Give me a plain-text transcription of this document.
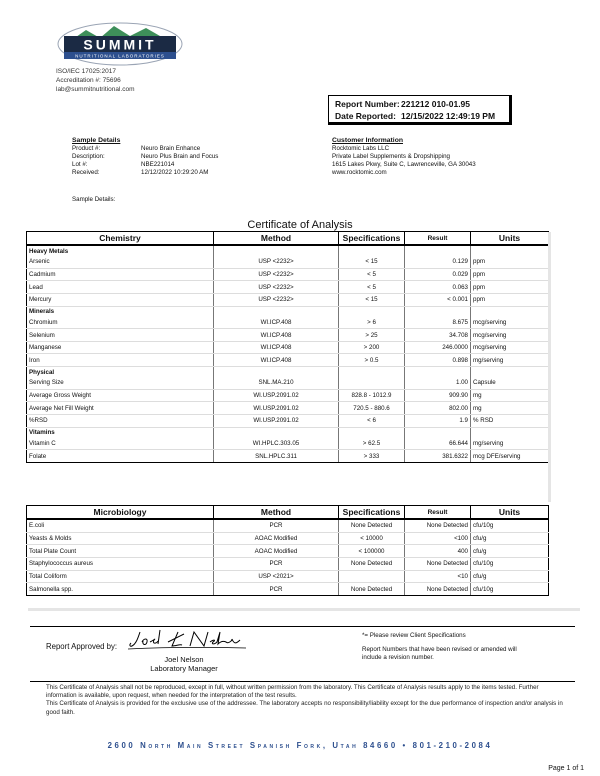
SUMMIT
NUTRITIONAL LABORATORIES
ISO/IEC 17025:2017
Accreditation #: 75696
lab@summitnutritional.com
Report Number: 221212 010-01.95
Date Reported: 12/15/2022 12:49:19 PM
Sample Details
Product #:	Neuro Brain Enhance
Description:	Neuro Plus Brain and Focus
Lot #:	NBE221014
Received:	12/12/2022 10:29:20 AM
Sample Details:
Customer Information
Rocktomic Labs LLC
Private Label Supplements & Dropshipping
1615 Lakes Pkwy, Suite C, Lawrenceville, GA 30043
www.rocktomic.com
Certificate of Analysis
Chemistry	Method	Specifications	Result	Units
Heavy Metals				
Arsenic	USP <2232>	< 15	0.129	ppm
Cadmium	USP <2232>	< 5	0.029	ppm
Lead	USP <2232>	< 5	0.063	ppm
Mercury	USP <2232>	< 15	< 0.001	ppm
Minerals				
Chromium	WI.ICP.408	> 6	8.675	mcg/serving
Selenium	WI.ICP.408	> 25	34.708	mcg/serving
Manganese	WI.ICP.408	> 200	246.0000	mcg/serving
Iron	WI.ICP.408	> 0.5	0.898	mg/serving
Physical				
Serving Size	SNL.MA.210		1.00	Capsule
Average Gross Weight	WI.USP.2091.02	828.8 - 1012.9	909.90	mg
Average Net Fill Weight	WI.USP.2091.02	720.5 - 880.6	802.00	mg
%RSD	WI.USP.2091.02	< 6	1.9	% RSD
Vitamins				
Vitamin C	WI.HPLC.303.05	> 62.5	66.644	mg/serving
Folate	SNL.HPLC.311	> 333	381.6322	mcg DFE/serving
Microbiology	Method	Specifications	Result	Units
E.coli	PCR	None Detected	None Detected	cfu/10g
Yeasts & Molds	AOAC Modified	< 10000	<100	cfu/g
Total Plate Count	AOAC Modified	< 100000	400	cfu/g
Staphylococcus aureus	PCR	None Detected	None Detected	cfu/10g
Total Coliform	USP <2021>		<10	cfu/g
Salmonella spp.	PCR	None Detected	None Detected	cfu/10g
Report Approved by:
Joel Nelson
Laboratory Manager
*= Please review Client Specifications
Report Numbers that have been revised or amended will include a revision number.
This Certificate of Analysis shall not be reproduced, except in full, without written permission from the laboratory. This Certificate of Analysis results apply to the items tested. Further information is available, upon request, when needed for the interpretation of the test results.
This Certificate of Analysis is provided for the exclusive use of the addressee. The laboratory accepts no responsibility/liability except for the due performance of inspection and/or analysis in good faith.
2600 North Main Street Spanish Fork, Utah 84660 • 801-210-2084
Page 1 of 1
